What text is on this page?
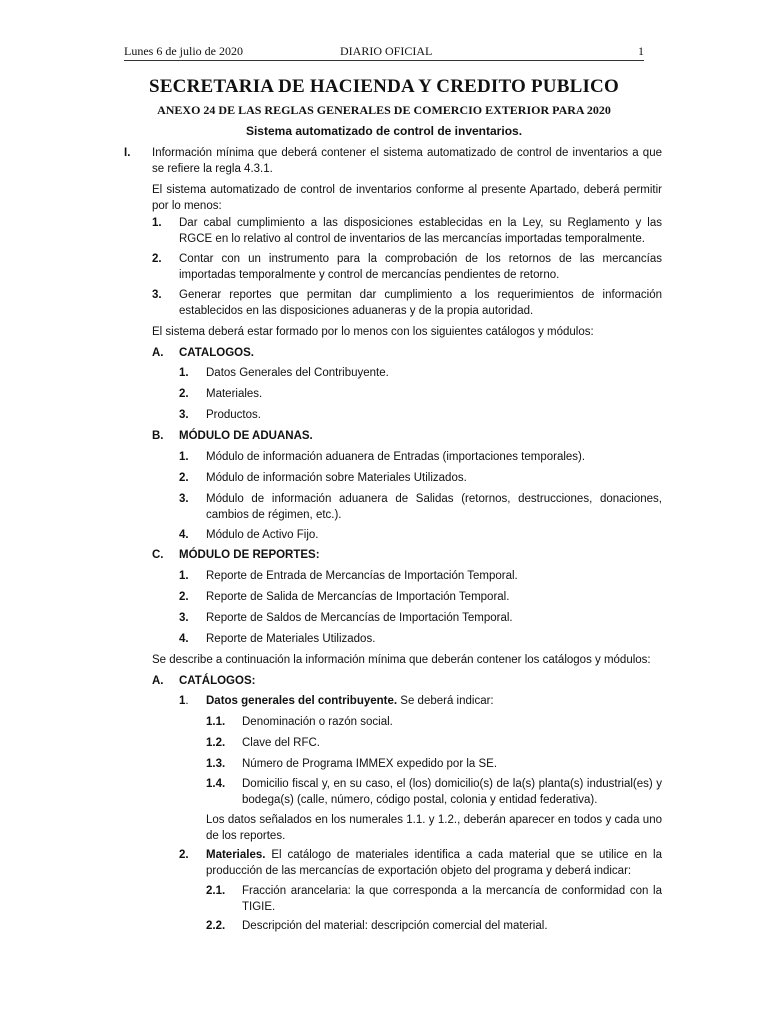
Lunes 6 de julio de 2020	DIARIO OFICIAL	1
SECRETARIA DE HACIENDA Y CREDITO PUBLICO
ANEXO 24 DE LAS REGLAS GENERALES DE COMERCIO EXTERIOR PARA 2020
Sistema automatizado de control de inventarios.
I. Información mínima que deberá contener el sistema automatizado de control de inventarios a que se refiere la regla 4.3.1.
El sistema automatizado de control de inventarios conforme al presente Apartado, deberá permitir por lo menos:
1. Dar cabal cumplimiento a las disposiciones establecidas en la Ley, su Reglamento y las RGCE en lo relativo al control de inventarios de las mercancías importadas temporalmente.
2. Contar con un instrumento para la comprobación de los retornos de las mercancías importadas temporalmente y control de mercancías pendientes de retorno.
3. Generar reportes que permitan dar cumplimiento a los requerimientos de información establecidos en las disposiciones aduaneras y de la propia autoridad.
El sistema deberá estar formado por lo menos con los siguientes catálogos y módulos:
A. CATALOGOS.
1. Datos Generales del Contribuyente.
2. Materiales.
3. Productos.
B. MÓDULO DE ADUANAS.
1. Módulo de información aduanera de Entradas (importaciones temporales).
2. Módulo de información sobre Materiales Utilizados.
3. Módulo de información aduanera de Salidas (retornos, destrucciones, donaciones, cambios de régimen, etc.).
4. Módulo de Activo Fijo.
C. MÓDULO DE REPORTES:
1. Reporte de Entrada de Mercancías de Importación Temporal.
2. Reporte de Salida de Mercancías de Importación Temporal.
3. Reporte de Saldos de Mercancías de Importación Temporal.
4. Reporte de Materiales Utilizados.
Se describe a continuación la información mínima que deberán contener los catálogos y módulos:
A. CATÁLOGOS:
1. Datos generales del contribuyente. Se deberá indicar:
1.1. Denominación o razón social.
1.2. Clave del RFC.
1.3. Número de Programa IMMEX expedido por la SE.
1.4. Domicilio fiscal y, en su caso, el (los) domicilio(s) de la(s) planta(s) industrial(es) y bodega(s) (calle, número, código postal, colonia y entidad federativa).
Los datos señalados en los numerales 1.1. y 1.2., deberán aparecer en todos y cada uno de los reportes.
2. Materiales. El catálogo de materiales identifica a cada material que se utilice en la producción de las mercancías de exportación objeto del programa y deberá indicar:
2.1. Fracción arancelaria: la que corresponda a la mercancía de conformidad con la TIGIE.
2.2. Descripción del material: descripción comercial del material.
